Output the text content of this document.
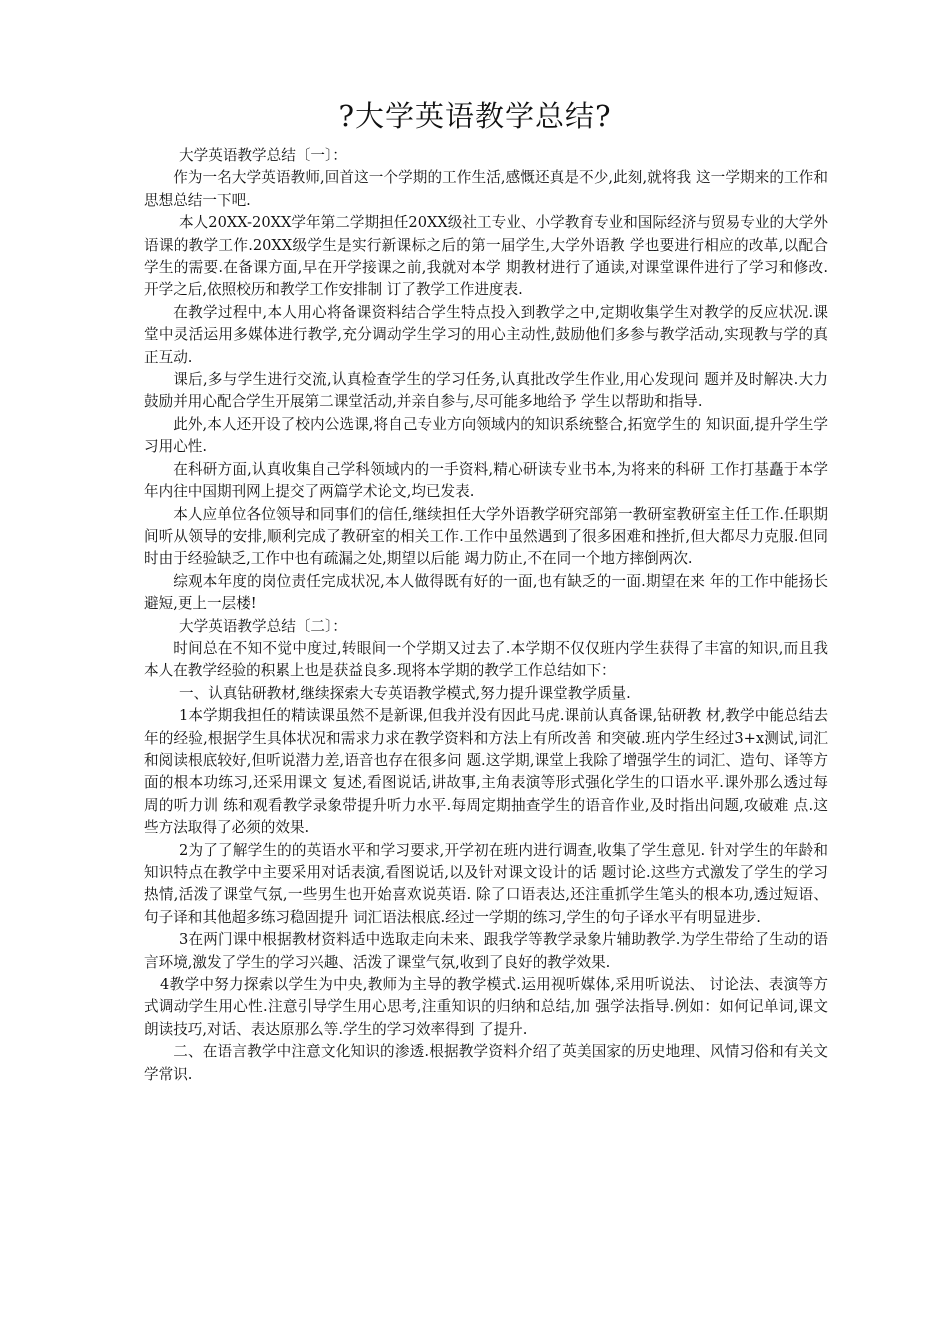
?大学英语教学总结?

大学英语教学总结〔一〕：

作为一名大学英语教师,回首这一个学期的工作生活,感慨还真是不少,此刻,就将我 这一学期来的工作和思想总结一下吧.

本人20XX-20XX学年第二学期担任20XX级社工专业、小学教育专业和国际经济与贸易专业的大学外语课的教学工作.20XX级学生是实行新课标之后的第一届学生,大学外语教 学也要进行相应的改革,以配合学生的需要.在备课方面,早在开学接课之前,我就对本学 期教材进行了通读,对课堂课件进行了学习和修改.开学之后,依照校历和教学工作安排制 订了教学工作进度表.

在教学过程中,本人用心将备课资料结合学生特点投入到教学之中,定期收集学生对教学的反应状况.课堂中灵活运用多媒体进行教学,充分调动学生学习的用心主动性,鼓励他们多参与教学活动,实现教与学的真正互动.

课后,多与学生进行交流,认真检查学生的学习任务,认真批改学生作业,用心发现问 题并及时解决.大力鼓励并用心配合学生开展第二课堂活动,并亲自参与,尽可能多地给予 学生以帮助和指导.

此外,本人还开设了校内公选课,将自己专业方向领域内的知识系统整合,拓宽学生的 知识面,提升学生学习用心性.

在科研方面,认真收集自己学科领域内的一手资料,精心研读专业书本,为将来的科研 工作打基矗于本学年内往中国期刊网上提交了两篇学术论文,均已发表.

本人应单位各位领导和同事们的信任,继续担任大学外语教学研究部第一教研室教研室主任工作.任职期间听从领导的安排,顺利完成了教研室的相关工作.工作中虽然遇到了很多困难和挫折,但大都尽力克服.但同时由于经验缺乏,工作中也有疏漏之处,期望以后能 竭力防止,不在同一个地方摔倒两次.

综观本年度的岗位责任完成状况,本人做得既有好的一面,也有缺乏的一面.期望在来 年的工作中能扬长避短,更上一层楼!

大学英语教学总结〔二〕：

时间总在不知不觉中度过,转眼间一个学期又过去了.本学期不仅仅班内学生获得了丰富的知识,而且我本人在教学经验的积累上也是获益良多.现将本学期的教学工作总结如下：

一、认真钻研教材,继续探索大专英语教学模式,努力提升课堂教学质量.

1本学期我担任的精读课虽然不是新课,但我并没有因此马虎.课前认真备课,钻研教 材,教学中能总结去年的经验,根据学生具体状况和需求力求在教学资料和方法上有所改善 和突破.班内学生经过3+x测试,词汇和阅读根底较好,但听说潜力差,语音也存在很多问 题.这学期,课堂上我除了增强学生的词汇、造句、译等方面的根本功练习,还采用课文 复述,看图说话,讲故事,主角表演等形式强化学生的口语水平.课外那么透过每周的听力训 练和观看教学录象带提升听力水平.每周定期抽查学生的语音作业,及时指出问题,攻破难 点.这些方法取得了必须的效果.

2为了了解学生的的英语水平和学习要求,开学初在班内进行调查,收集了学生意见. 针对学生的年龄和知识特点在教学中主要采用对话表演,看图说话,以及针对课文设计的话 题讨论.这些方式激发了学生的学习热情,活泼了课堂气氛,一些男生也开始喜欢说英语. 除了口语表达,还注重抓学生笔头的根本功,透过短语、句子译和其他超多练习稳固提升 词汇语法根底.经过一学期的练习,学生的句子译水平有明显进步.

3在两门课中根据教材资料适中选取走向未来、跟我学等教学录象片辅助教学.为学生带给了生动的语言环境,激发了学生的学习兴趣、活泼了课堂气氛,收到了良好的教学效果.

4教学中努力探索以学生为中央,教师为主导的教学模式.运用视听媒体,采用听说法、 讨论法、表演等方式调动学生用心性.注意引导学生用心思考,注重知识的归纳和总结,加 强学法指导.例如：如何记单词,课文朗读技巧,对话、表达原那么等.学生的学习效率得到 了提升.

二、在语言教学中注意文化知识的渗透.根据教学资料介绍了英美国家的历史地理、风情习俗和有关文学常识.
